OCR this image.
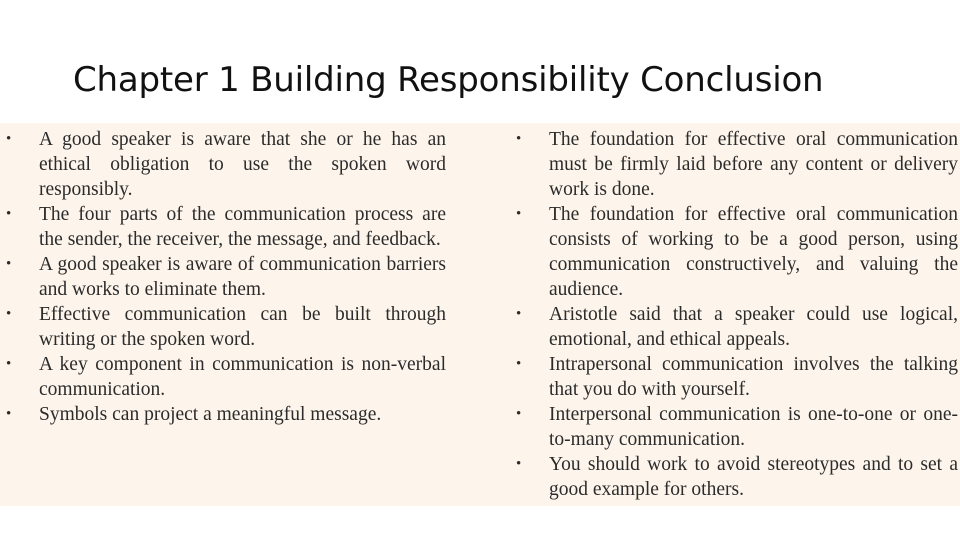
Chapter 1 Building Responsibility Conclusion
• A good speaker is aware that she or he has an ethical obligation to use the spoken word responsibly.
• The four parts of the communication process are the sender, the receiver, the message, and feedback.
• A good speaker is aware of communication barriers and works to eliminate them.
• Effective communication can be built through writing or the spoken word.
• A key component in communication is non-verbal communication.
• Symbols can project a meaningful message.
• The foundation for effective oral communication must be firmly laid before any content or delivery work is done.
• The foundation for effective oral communication consists of working to be a good person, using communication constructively, and valuing the audience.
• Aristotle said that a speaker could use logical, emotional, and ethical appeals.
• Intrapersonal communication involves the talking that you do with yourself.
• Interpersonal communication is one-to-one or one-to-many communication.
• You should work to avoid stereotypes and to set a good example for others.
